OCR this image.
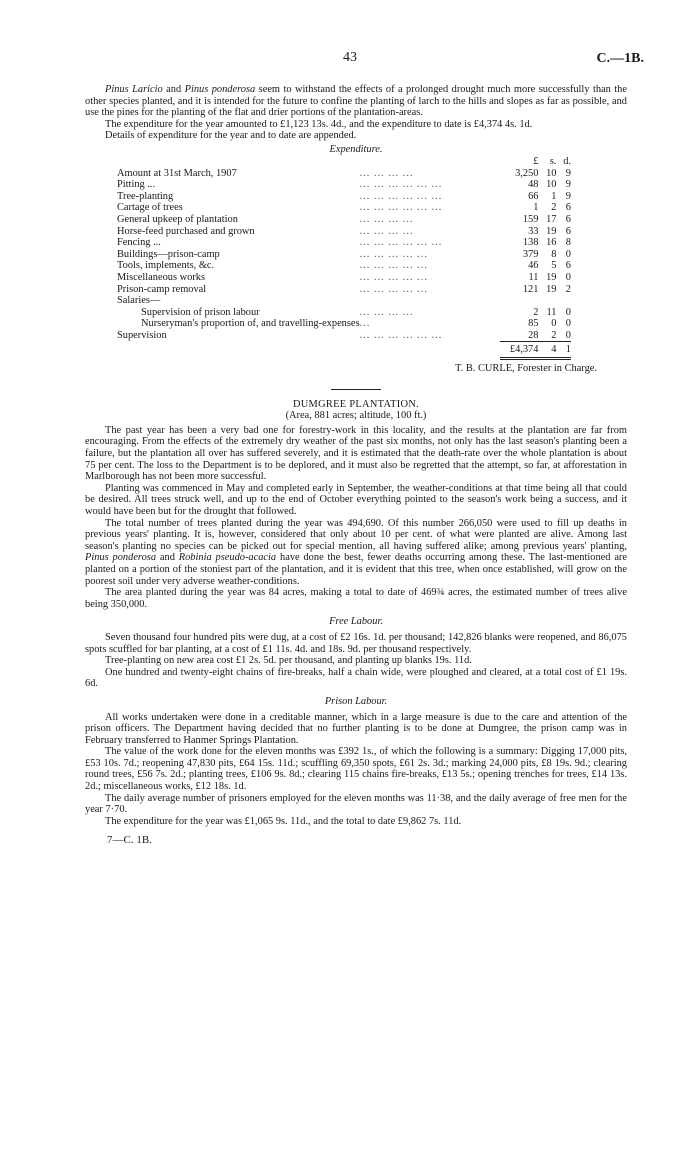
43	C.—1B.

Pinus Laricio and Pinus ponderosa seem to withstand the effects of a prolonged drought much more successfully than the other species planted, and it is intended for the future to confine the planting of larch to the hills and slopes as far as possible, and use the pines for the planting of the flat and drier portions of the plantation-areas.

The expenditure for the year amounted to £1,123 13s. 4d., and the expenditure to date is £4,374 4s. 1d.

Details of expenditure for the year and to date are appended.

Expenditure.
		£	s.	d.
Amount at 31st March, 1907	... ... ... ...	3,250	10	9
Pitting ...	... ... ... ... ... ...	48	10	9
Tree-planting	... ... ... ... ... ...	66	1	9
Cartage of trees	... ... ... ... ... ...	1	2	6
General upkeep of plantation	... ... ... ...	159	17	6
Horse-feed purchased and grown	... ... ... ...	33	19	6
Fencing ...	... ... ... ... ... ...	138	16	8
Buildings—prison-camp	... ... ... ... ...	379	8	0
Tools, implements, &c.	... ... ... ... ...	46	5	6
Miscellaneous works	... ... ... ... ...	11	19	0
Prison-camp removal	... ... ... ... ...	121	19	2
Salaries—				
Supervision of prison labour	... ... ... ...	2	11	0
Nurseryman's proportion of, and travelling-expenses	...	85	0	0
Supervision	... ... ... ... ... ...	28	2	0
		£4,374	4	1
T. B. CURLE, Forester in Charge.
DUMGREE PLANTATION.
(Area, 881 acres; altitude, 100 ft.)

The past year has been a very bad one for forestry-work in this locality, and the results at the plantation are far from encouraging. From the effects of the extremely dry weather of the past six months, not only has the last season's planting been a failure, but the plantation all over has suffered severely, and it is estimated that the death-rate over the whole plantation is about 75 per cent. The loss to the Department is to be deplored, and it must also be regretted that the attempt, so far, at afforestation in Marlborough has not been more successful.

Planting was commenced in May and completed early in September, the weather-conditions at that time being all that could be desired. All trees struck well, and up to the end of October everything pointed to the season's work being a success, and it would have been but for the drought that followed.

The total number of trees planted during the year was 494,690. Of this number 266,050 were used to fill up deaths in previous years' planting. It is, however, considered that only about 10 per cent. of what were planted are alive. Among last season's planting no species can be picked out for special mention, all having suffered alike; among previous years' planting, Pinus ponderosa and Robinia pseudo-acacia have done the best, fewer deaths occurring among these. The last-mentioned are planted on a portion of the stoniest part of the plantation, and it is evident that this tree, when once established, will grow on the poorest soil under very adverse weather-conditions.

The area planted during the year was 84 acres, making a total to date of 469¾ acres, the estimated number of trees alive being 350,000.

Free Labour.

Seven thousand four hundred pits were dug, at a cost of £2 16s. 1d. per thousand; 142,826 blanks were reopened, and 86,075 spots scuffled for bar planting, at a cost of £1 11s. 4d. and 18s. 9d. per thousand respectively.

Tree-planting on new area cost £1 2s. 5d. per thousand, and planting up blanks 19s. 11d.

One hundred and twenty-eight chains of fire-breaks, half a chain wide, were ploughed and cleared, at a total cost of £1 19s. 6d.

Prison Labour.

All works undertaken were done in a creditable manner, which in a large measure is due to the care and attention of the prison officers. The Department having decided that no further planting is to be done at Dumgree, the prison camp was in February transferred to Hanmer Springs Plantation.

The value of the work done for the eleven months was £392 1s., of which the following is a summary: Digging 17,000 pits, £53 10s. 7d.; reopening 47,830 pits, £64 15s. 11d.; scuffling 69,350 spots, £61 2s. 3d.; marking 24,000 pits, £8 19s. 9d.; clearing round trees, £56 7s. 2d.; planting trees, £106 9s. 8d.; clearing 115 chains fire-breaks, £13 5s.; opening trenches for trees, £14 13s. 2d.; miscellaneous works, £12 18s. 1d.

The daily average number of prisoners employed for the eleven months was 11·38, and the daily average of free men for the year 7·70.

The expenditure for the year was £1,065 9s. 11d., and the total to date £9,862 7s. 11d.

7—C. 1B.
